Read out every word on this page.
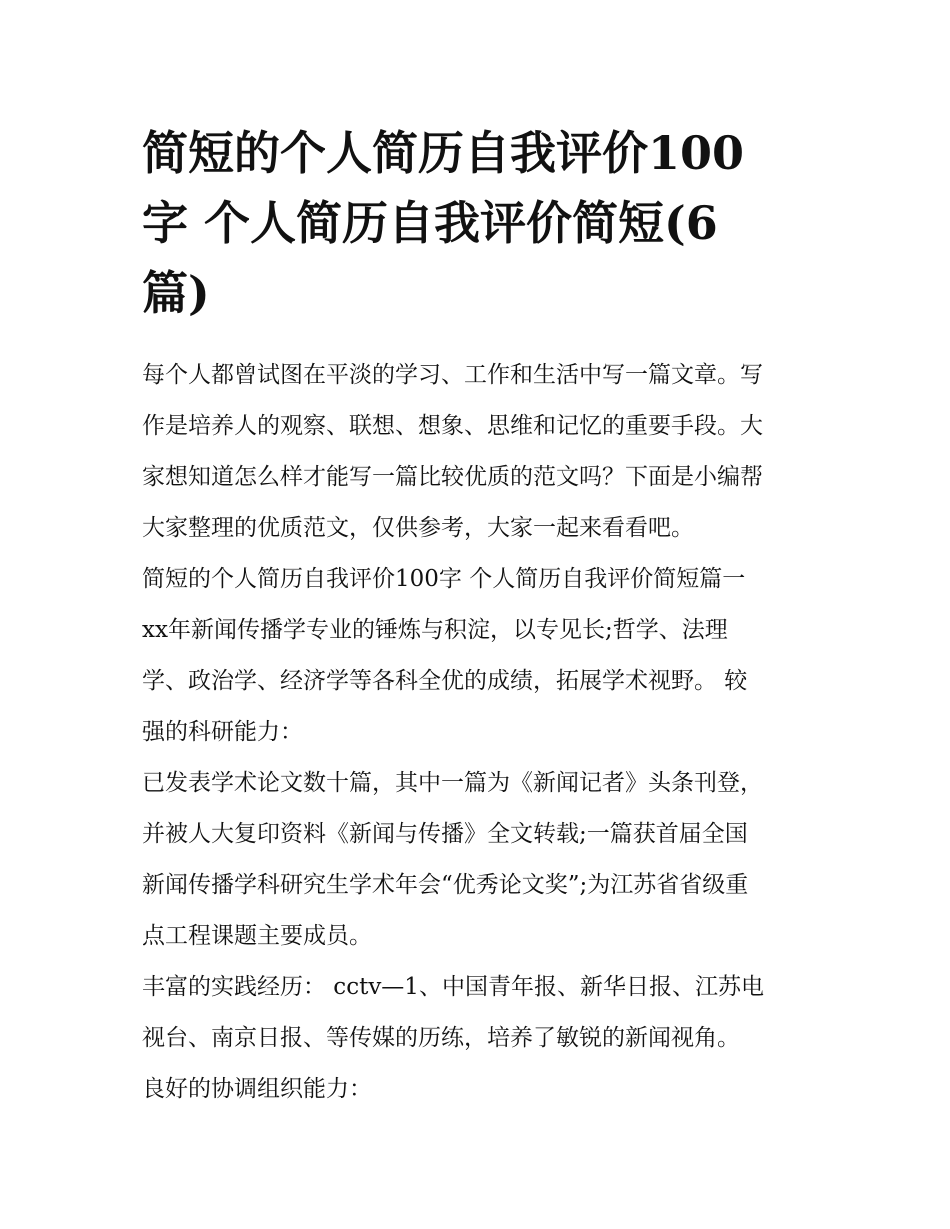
简短的个人简历自我评价100
字 个人简历自我评价简短(6
篇)
每个人都曾试图在平淡的学习、工作和生活中写一篇文章。写
作是培养人的观察、联想、想象、思维和记忆的重要手段。大
家想知道怎么样才能写一篇比较优质的范文吗？下面是小编帮
大家整理的优质范文，仅供参考，大家一起来看看吧。
简短的个人简历自我评价100字 个人简历自我评价简短篇一
xx年新闻传播学专业的锤炼与积淀，以专见长;哲学、法理
学、政治学、经济学等各科全优的成绩，拓展学术视野。 较
强的科研能力：
已发表学术论文数十篇，其中一篇为《新闻记者》头条刊登，
并被人大复印资料《新闻与传播》全文转载;一篇获首届全国
新闻传播学科研究生学术年会“优秀论文奖”;为江苏省省级重
点工程课题主要成员。
丰富的实践经历： cctv—1、中国青年报、新华日报、江苏电
视台、南京日报、等传媒的历练，培养了敏锐的新闻视角。
良好的协调组织能力：
